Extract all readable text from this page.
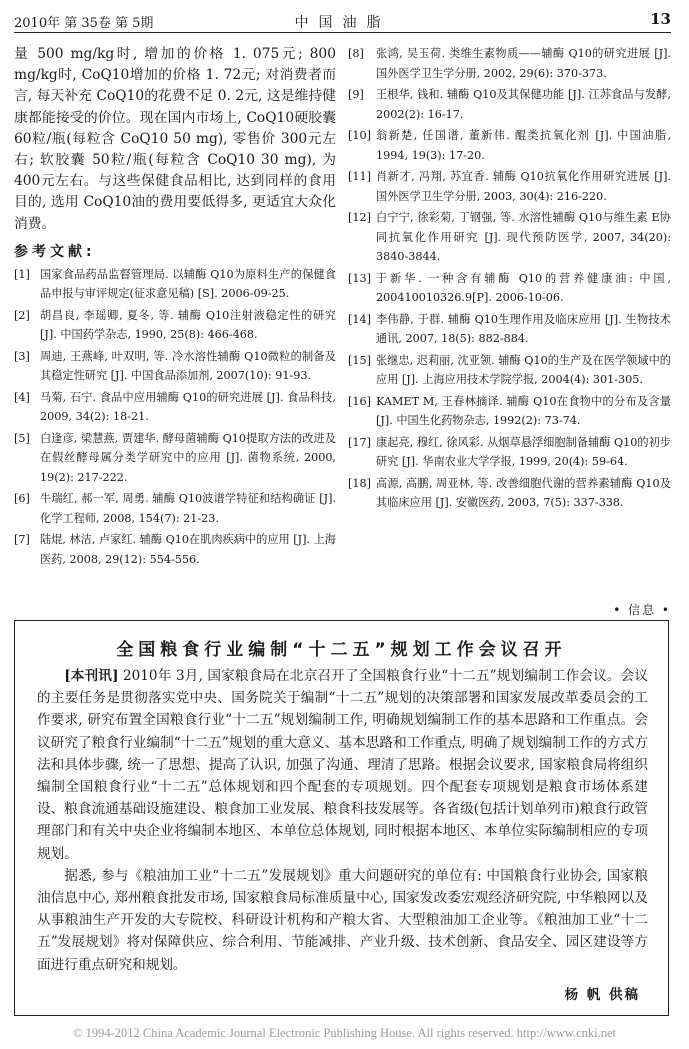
2010年 第 35卷 第 5期	中国油脂	13

量 500 mg/kg时, 增加的价格 1. 075元; 800 mg/kg时, CoQ10增加的价格 1. 72元; 对消费者而言, 每天补充 CoQ10的花费不足 0. 2元, 这是维持健康都能接受的价位。现在国内市场上, CoQ10硬胶囊 60粒/瓶(每粒含 CoQ10 50 mg), 零售价 300元左右; 软胶囊 50粒/瓶(每粒含 CoQ10 30 mg), 为 400元左右。与这些保健食品相比, 达到同样的食用目的, 选用 CoQ10油的费用要低得多, 更适宜大众化消费。

参考文献:
[1] 国家食品药品监督管理局. 以辅酶 Q10为原料生产的保健食品申报与审评规定(征求意见稿) [S]. 2006-09-25.
[2] 胡昌良, 李瑶卿, 夏冬, 等. 辅酶 Q10注射液稳定性的研究 [J]. 中国药学杂志, 1990, 25(8): 466-468.
[3] 周迪, 王燕峰, 叶双明, 等. 冷水溶性辅酶 Q10微粒的制备及其稳定性研究 [J]. 中国食品添加剂, 2007(10): 91-93.
[4] 马菊, 石宁. 食品中应用辅酶 Q10的研究进展 [J]. 食品科技, 2009, 34(2): 18-21.
[5] 白逢彦, 梁慧燕, 贾建华. 酵母菌辅酶 Q10提取方法的改进及在假丝酵母属分类学研究中的应用 [J]. 菌物系统, 2000, 19(2): 217-222.
[6] 牛瑞红, 郝一军, 周勇. 辅酶 Q10波谱学特征和结构确证 [J]. 化学工程师, 2008, 154(7): 21-23.
[7] 陆焜, 林洁, 卢家红. 辅酶 Q10在肌肉疾病中的应用 [J]. 上海医药, 2008, 29(12): 554-556.
[8]	张鸿, 吴玉荷. 类维生素物质——辅酶 Q10的研究进展 [J]. 国外医学卫生学分册, 2002, 29(6): 370-373.
[9]	王根华, 钱和. 辅酶 Q10及其保健功能 [J]. 江苏食品与发酵, 2002(2): 16-17.
[10] 翁新楚, 任国谱, 董新伟. 醌类抗氧化剂 [J]. 中国油脂, 1994, 19(3): 17-20.
[11] 肖新才, 冯翔, 苏宜香. 辅酶 Q10抗氧化作用研究进展 [J]. 国外医学卫生学分册, 2003, 30(4): 216-220.
[12] 白宁宁, 徐彩菊, 丁钢强, 等. 水溶性辅酶 Q10与维生素 E协同抗氧化作用研究 [J]. 现代预防医学, 2007, 34(20): 3840-3844.
[13] 于新华. 一种含有辅酶 Q10的营养健康油: 中国, 200410010326.9[P]. 2006-10-06.
[14] 李伟静, 于群. 辅酶 Q10生理作用及临床应用 [J]. 生物技术通讯, 2007, 18(5): 882-884.
[15] 张继忠, 迟莉丽, 沈亚领. 辅酶 Q10的生产及在医学领域中的应用 [J]. 上海应用技术学院学报, 2004(4): 301-305.
[16] KAMET M, 王春林摘译. 辅酶 Q10在食物中的分布及含量 [J]. 中国生化药物杂志, 1992(2): 73-74.
[17] 康起亮, 穆红, 徐风彩. 从烟草悬浮细胞制备辅酶 Q10的初步研究 [J]. 华南农业大学学报, 1999, 20(4): 59-64.
[18] 高源, 高鹏, 周亚林, 等. 改善细胞代谢的营养素辅酶 Q10及其临床应用 [J]. 安徽医药, 2003, 7(5): 337-338.
• 信息 •
全国粮食行业编制“十二五”规划工作会议召开

[本刊讯] 2010年 3月, 国家粮食局在北京召开了全国粮食行业“十二五”规划编制工作会议。会议的主要任务是贯彻落实党中央、国务院关于编制“十二五”规划的决策部署和国家发展改革委员会的工作要求, 研究布置全国粮食行业“十二五”规划编制工作, 明确规划编制工作的基本思路和工作重点。会议研究了粮食行业编制“十二五”规划的重大意义、基本思路和工作重点, 明确了规划编制工作的方式方法和具体步骤, 统一了思想、提高了认识, 加强了沟通、理清了思路。根据会议要求, 国家粮食局将组织编制全国粮食行业“十二五”总体规划和四个配套的专项规划。四个配套专项规划是粮食市场体系建设、粮食流通基础设施建设、粮食加工业发展、粮食科技发展等。各省级(包括计划单列市)粮食行政管理部门和有关中央企业将编制本地区、本单位总体规划, 同时根据本地区、本单位实际编制相应的专项规划。

据悉, 参与《粮油加工业“十二五”发展规划》重大问题研究的单位有: 中国粮食行业协会, 国家粮油信息中心, 郑州粮食批发市场, 国家粮食局标准质量中心, 国家发改委宏观经济研究院, 中华粮网以及从事粮油生产开发的大专院校、科研设计机构和产粮大省、大型粮油加工企业等。《粮油加工业“十二五”发展规划》将对保障供应、综合利用、节能减排、产业升级、技术创新、食品安全、园区建设等方面进行重点研究和规划。

杨 帆 供稿
© 1994-2012 China Academic Journal Electronic Publishing House. All rights reserved. http://www.cnki.net
